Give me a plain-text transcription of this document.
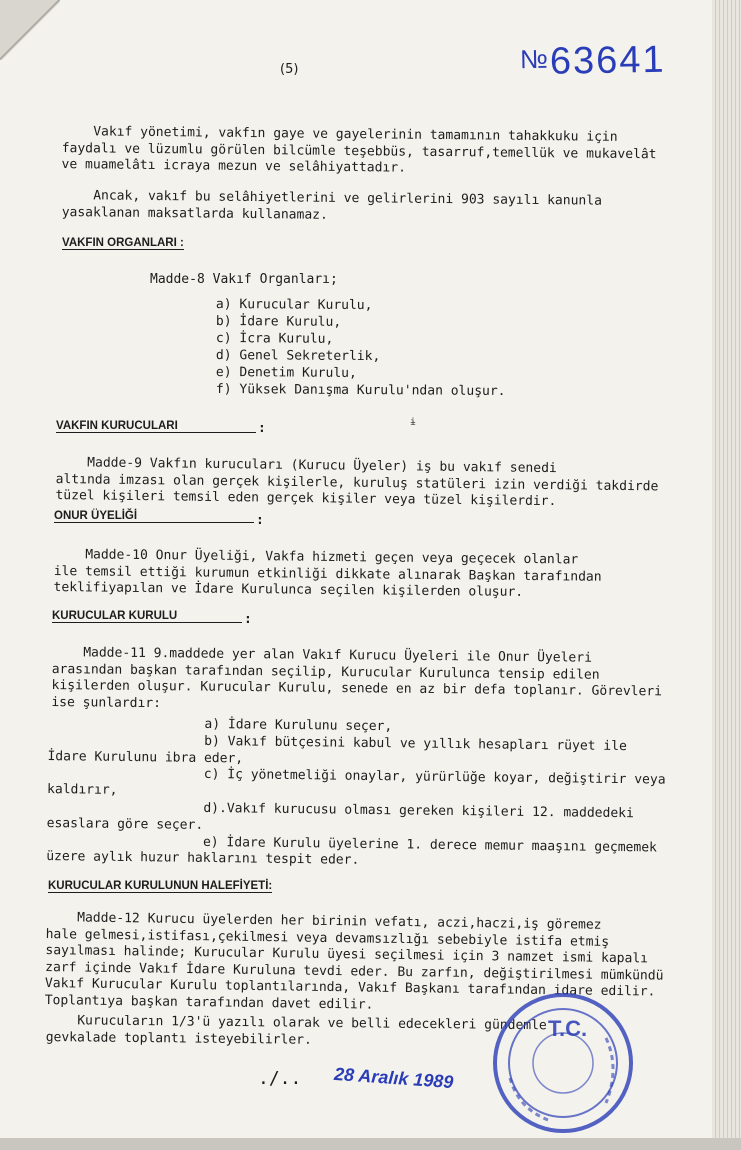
(5)	№63641
Vakıf yönetimi, vakfın gaye ve gayelerinin tamamının tahakkuku için
faydalı ve lüzumlu görülen bilcümle teşebbüs, tasarruf,temellük ve mukavelât
ve muamelâtı icraya mezun ve selâhiyattadır.
Ancak, vakıf bu selâhiyetlerini ve gelirlerini 903 sayılı kanunla
yasaklanan maksatlarda kullanamaz.
VAKFIN ORGANLARI :
Madde-8 Vakıf Organları;
a) Kurucular Kurulu,
b) İdare Kurulu,
c) İcra Kurulu,
d) Genel Sekreterlik,
e) Denetim Kurulu,
f) Yüksek Danışma Kurulu'ndan oluşur.
VAKFIN KURUCULARI	:	ɨ
Madde-9 Vakfın kurucuları (Kurucu Üyeler) iş bu vakıf senedi
altında imzası olan gerçek kişilerle, kuruluş statüleri izin verdiği takdirde
tüzel kişileri temsil eden gerçek kişiler veya tüzel kişilerdir.
ONUR ÜYELİĞİ	:
Madde-10 Onur Üyeliği, Vakfa hizmeti geçen veya geçecek olanlar
ile temsil ettiği kurumun etkinliği dikkate alınarak Başkan tarafından
teklifiyapılan ve İdare Kurulunca seçilen kişilerden oluşur.
KURUCULAR KURULU	:
Madde-11 9.maddede yer alan Vakıf Kurucu Üyeleri ile Onur Üyeleri
arasından başkan tarafından seçilip, Kurucular Kurulunca tensip edilen
kişilerden oluşur. Kurucular Kurulu, senede en az bir defa toplanır. Görevleri
ise şunlardır:
a) İdare Kurulunu seçer,
b) Vakıf bütçesini kabul ve yıllık hesapları rüyet ile
İdare Kurulunu ibra eder,
c) İç yönetmeliği onaylar, yürürlüğe koyar, değiştirir veya
kaldırır,
d).Vakıf kurucusu olması gereken kişileri 12. maddedeki
esaslara göre seçer.
e) İdare Kurulu üyelerine 1. derece memur maaşını geçmemek
üzere aylık huzur haklarını tespit eder.
KURUCULAR KURULUNUN HALEFİYETİ:
Madde-12 Kurucu üyelerden her birinin vefatı, aczi,haczi,iş göremez
hale gelmesi,istifası,çekilmesi veya devamsızlığı sebebiyle istifa etmiş
sayılması halinde; Kurucular Kurulu üyesi seçilmesi için 3 namzet ismi kapalı
zarf içinde Vakıf İdare Kuruluna tevdi eder. Bu zarfın, değiştirilmesi mümkündü
Vakıf Kurucular Kurulu toplantılarında, Vakıf Başkanı tarafından idare edilir.
Toplantıya başkan tarafından davet edilir.
Kurucuların 1/3'ü yazılı olarak ve belli edecekleri gündemle
gevkalade toplantı isteyebilirler.
./.. 28 Aralık 1989
T.C.
